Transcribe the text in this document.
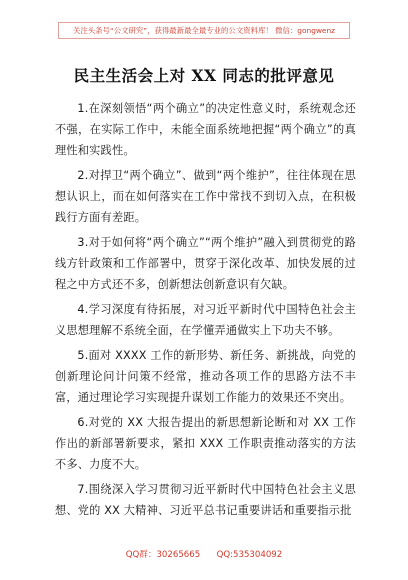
关注头条号“公文研究”，获得最新最全最专业的公文资料库！ 微信：gongwenz
民主生活会上对 XX 同志的批评意见

1.在深刻领悟“两个确立”的决定性意义时，系统观念还不强，在实际工作中，未能全面系统地把握“两个确立”的真理性和实践性。

2.对捍卫“两个确立”、做到“两个维护”，往往体现在思想认识上，而在如何落实在工作中常找不到切入点，在积极践行方面有差距。

3.对于如何将“两个确立”“两个维护”融入到贯彻党的路线方针政策和工作部署中，贯穿于深化改革、加快发展的过程之中方式还不多，创新想法创新意识有欠缺。

4.学习深度有待拓展，对习近平新时代中国特色社会主义思想理解不系统全面，在学懂弄通做实上下功夫不够。

5.面对 XXXX 工作的新形势、新任务、新挑战，向党的创新理论问计问策不经常，推动各项工作的思路方法不丰富，通过理论学习实现提升谋划工作能力的效果还不突出。

6.对党的 XX 大报告提出的新思想新论断和对 XX 工作作出的新部署新要求，紧扣 XXX 工作职责推动落实的方法不多、力度不大。

7.围绕深入学习贯彻习近平新时代中国特色社会主义思想、党的 XX 大精神、习近平总书记重要讲话和重要指示批

QQ群：30265665      QQ:535304092
